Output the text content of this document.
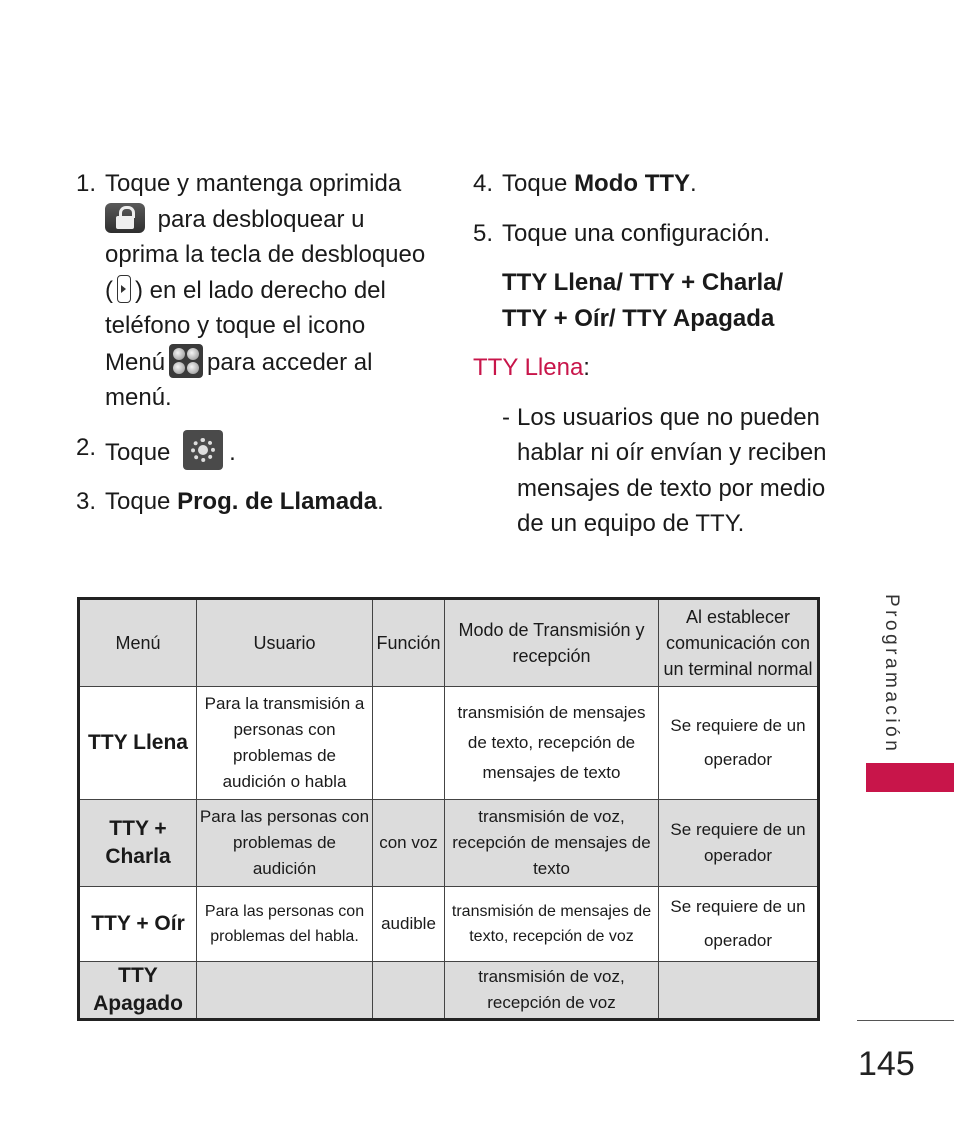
1. Toque y mantenga oprimida
para desbloquear u
oprima la tecla de desbloqueo
( ) en el lado derecho del
teléfono y toque el icono
Menú para acceder al
menú.

2. Toque .

3. Toque Prog. de Llamada.

4. Toque Modo TTY.

5. Toque una configuración.

TTY Llena/ TTY + Charla/
TTY + Oír/ TTY Apagada

TTY Llena:

- Los usuarios que no pueden
hablar ni oír envían y reciben
mensajes de texto por medio
de un equipo de TTY.

Menú	Usuario	Función	Modo de Transmisión y recepción	Al establecer comunicación con un terminal normal
TTY Llena	Para la transmisión a personas con problemas de audición o habla		transmisión de mensajes de texto, recepción de mensajes de texto	Se requiere de un operador
TTY + Charla	Para las personas con problemas de audición	con voz	transmisión de voz, recepción de mensajes de texto	Se requiere de un operador
TTY + Oír	Para las personas con problemas del habla.	audible	transmisión de mensajes de texto, recepción de voz	Se requiere de un operador
TTY Apagado			transmisión de voz, recepción de voz	
Programación
145
